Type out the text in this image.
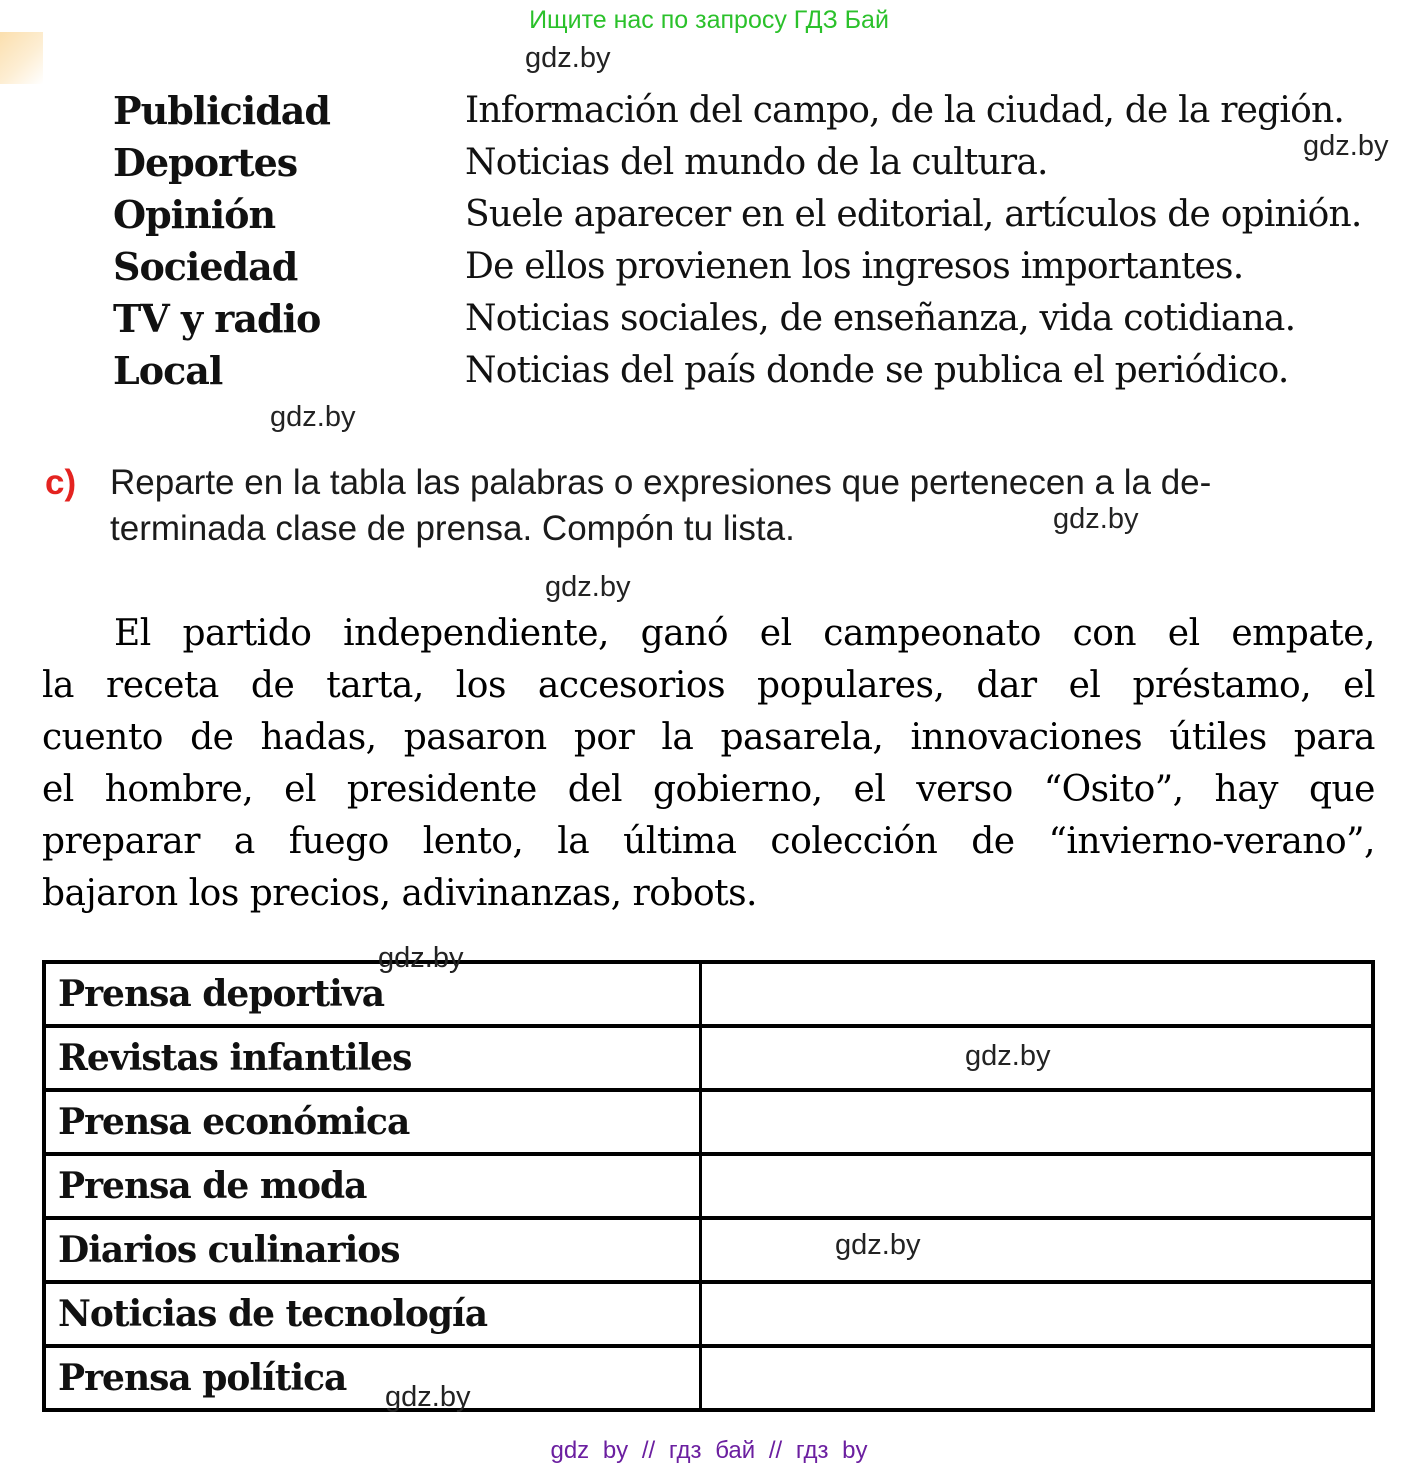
Ищите нас по запросу ГДЗ Бай
gdz.by
gdz.by
gdz.by
gdz.by
gdz.by
gdz.by
gdz.by
gdz.by
gdz.by
Publicidad	Información del campo, de la ciudad, de la región.
Deportes	Noticias del mundo de la cultura.
Opinión	Suele aparecer en el editorial, artículos de opinión.
Sociedad	De ellos provienen los ingresos importantes.
TV y radio	Noticias sociales, de enseñanza, vida cotidiana.
Local	Noticias del país donde se publica el periódico.
c) Reparte en la tabla las palabras o expresiones que pertenecen a la de-
terminada clase de prensa. Compón tu lista.
El partido independiente, ganó el campeonato con el empate,
la receta de tarta, los accesorios populares, dar el préstamo, el
cuento de hadas, pasaron por la pasarela, innovaciones útiles para
el hombre, el presidente del gobierno, el verso “Osito”, hay que
preparar a fuego lento, la última colección de “invierno-verano”,
bajaron los precios, adivinanzas, robots.
Prensa deportiva
Revistas infantiles
Prensa económica
Prensa de moda
Diarios culinarios
Noticias de tecnología
Prensa política
gdz by // гдз бай // гдз by
